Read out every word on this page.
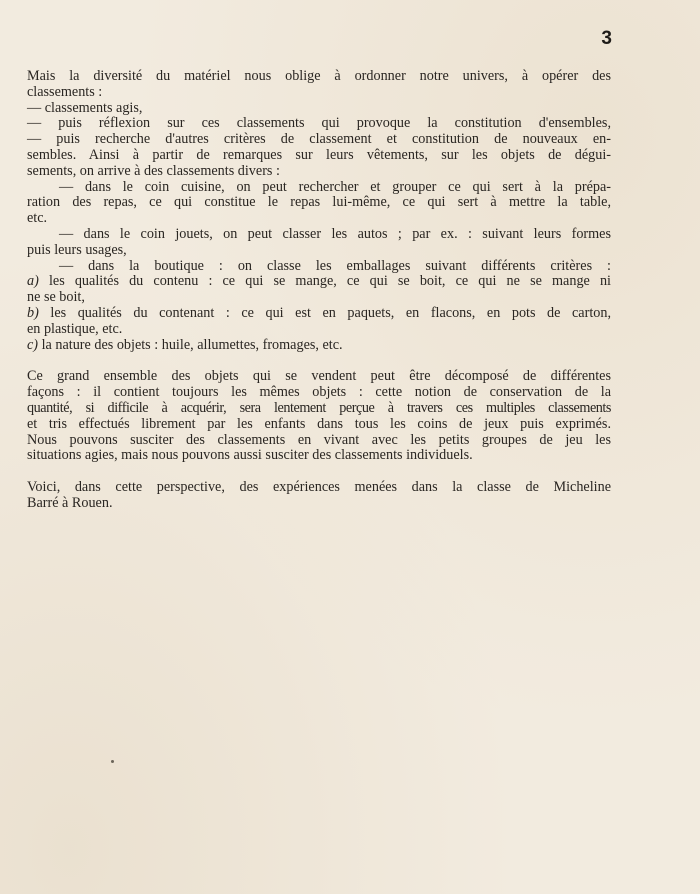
3
Mais la diversité du matériel nous oblige à ordonner notre univers, à opérer des
classements :
— classements agis,
— puis réflexion sur ces classements qui provoque la constitution d'ensembles,
— puis recherche d'autres critères de classement et constitution de nouveaux en-
sembles. Ainsi à partir de remarques sur leurs vêtements, sur les objets de dégui-
sements, on arrive à des classements divers :
— dans le coin cuisine, on peut rechercher et grouper ce qui sert à la prépa-
ration des repas, ce qui constitue le repas lui-même, ce qui sert à mettre la table,
etc.
— dans le coin jouets, on peut classer les autos ; par ex. : suivant leurs formes
puis leurs usages,
— dans la boutique : on classe les emballages suivant différents critères :
a) les qualités du contenu : ce qui se mange, ce qui se boit, ce qui ne se mange ni
ne se boit,
b) les qualités du contenant : ce qui est en paquets, en flacons, en pots de carton,
en plastique, etc.
c) la nature des objets : huile, allumettes, fromages, etc.
Ce grand ensemble des objets qui se vendent peut être décomposé de différentes
façons : il contient toujours les mêmes objets : cette notion de conservation de la
quantité, si difficile à acquérir, sera lentement perçue à travers ces multiples classements
et tris effectués librement par les enfants dans tous les coins de jeux puis exprimés.
Nous pouvons susciter des classements en vivant avec les petits groupes de jeu les
situations agies, mais nous pouvons aussi susciter des classements individuels.
Voici, dans cette perspective, des expériences menées dans la classe de Micheline
Barré à Rouen.
